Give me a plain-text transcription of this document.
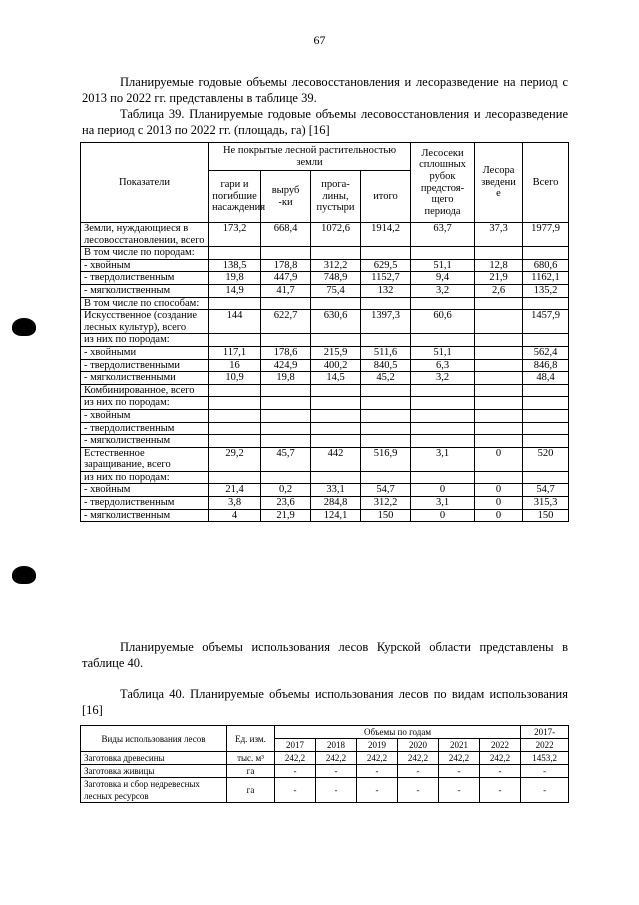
67

Планируемые годовые объемы лесовосстановления и лесоразведение на период с 2013 по 2022 гг. представлены в таблице 39.

Таблица 39. Планируемые годовые объемы лесовосстановления и лесоразведение на период с 2013 по 2022 гг. (площадь, га) [16]

Показатели	Не покрытые лесной растительностью земли				Лесосеки сплошных рубок предстоя- щего периода	Лесора зведени е	Всего
	гари и погибшие насаждения	выруб -ки	прога- лины, пустыри	итого			
Земли, нуждающиеся в лесовосстановлении, всего	173,2	668,4	1072,6	1914,2	63,7	37,3	1977,9
В том числе по породам:							
- хвойным	138,5	178,8	312,2	629,5	51,1	12,8	680,6
- твердолиственным	19,8	447,9	748,9	1152,7	9,4	21,9	1162,1
- мягколиственным	14,9	41,7	75,4	132	3,2	2,6	135,2
В том числе по способам:							
Искусственное (создание лесных культур), всего	144	622,7	630,6	1397,3	60,6		1457,9
из них по породам:							
- хвойными	117,1	178,6	215,9	511,6	51,1		562,4
- твердолиственными	16	424,9	400,2	840,5	6,3		846,8
- мягколиственными	10,9	19,8	14,5	45,2	3,2		48,4
Комбинированное, всего							
из них по породам:							
- хвойным							
- твердолиственным							
- мягколиственным							
Естественное заращивание, всего	29,2	45,7	442	516,9	3,1	0	520
из них по породам:							
- хвойным	21,4	0,2	33,1	54,7	0	0	54,7
- твердолиственным	3,8	23,6	284,8	312,2	3,1	0	315,3
- мягколиственным	4	21,9	124,1	150	0	0	150

Планируемые объемы использования лесов Курской области представлены в таблице 40.

Таблица 40. Планируемые объемы использования лесов по видам использования [16]

Виды использования лесов	Ед. изм.	Объемы по годам						2017-
		2017	2018	2019	2020	2021	2022	2022
Заготовка древесины	тыс. м³	242,2	242,2	242,2	242,2	242,2	242,2	1453,2
Заготовка живицы	га	-	-	-	-	-	-	-
Заготовка и сбор недревесных лесных ресурсов	га	-	-	-	-	-	-	-
